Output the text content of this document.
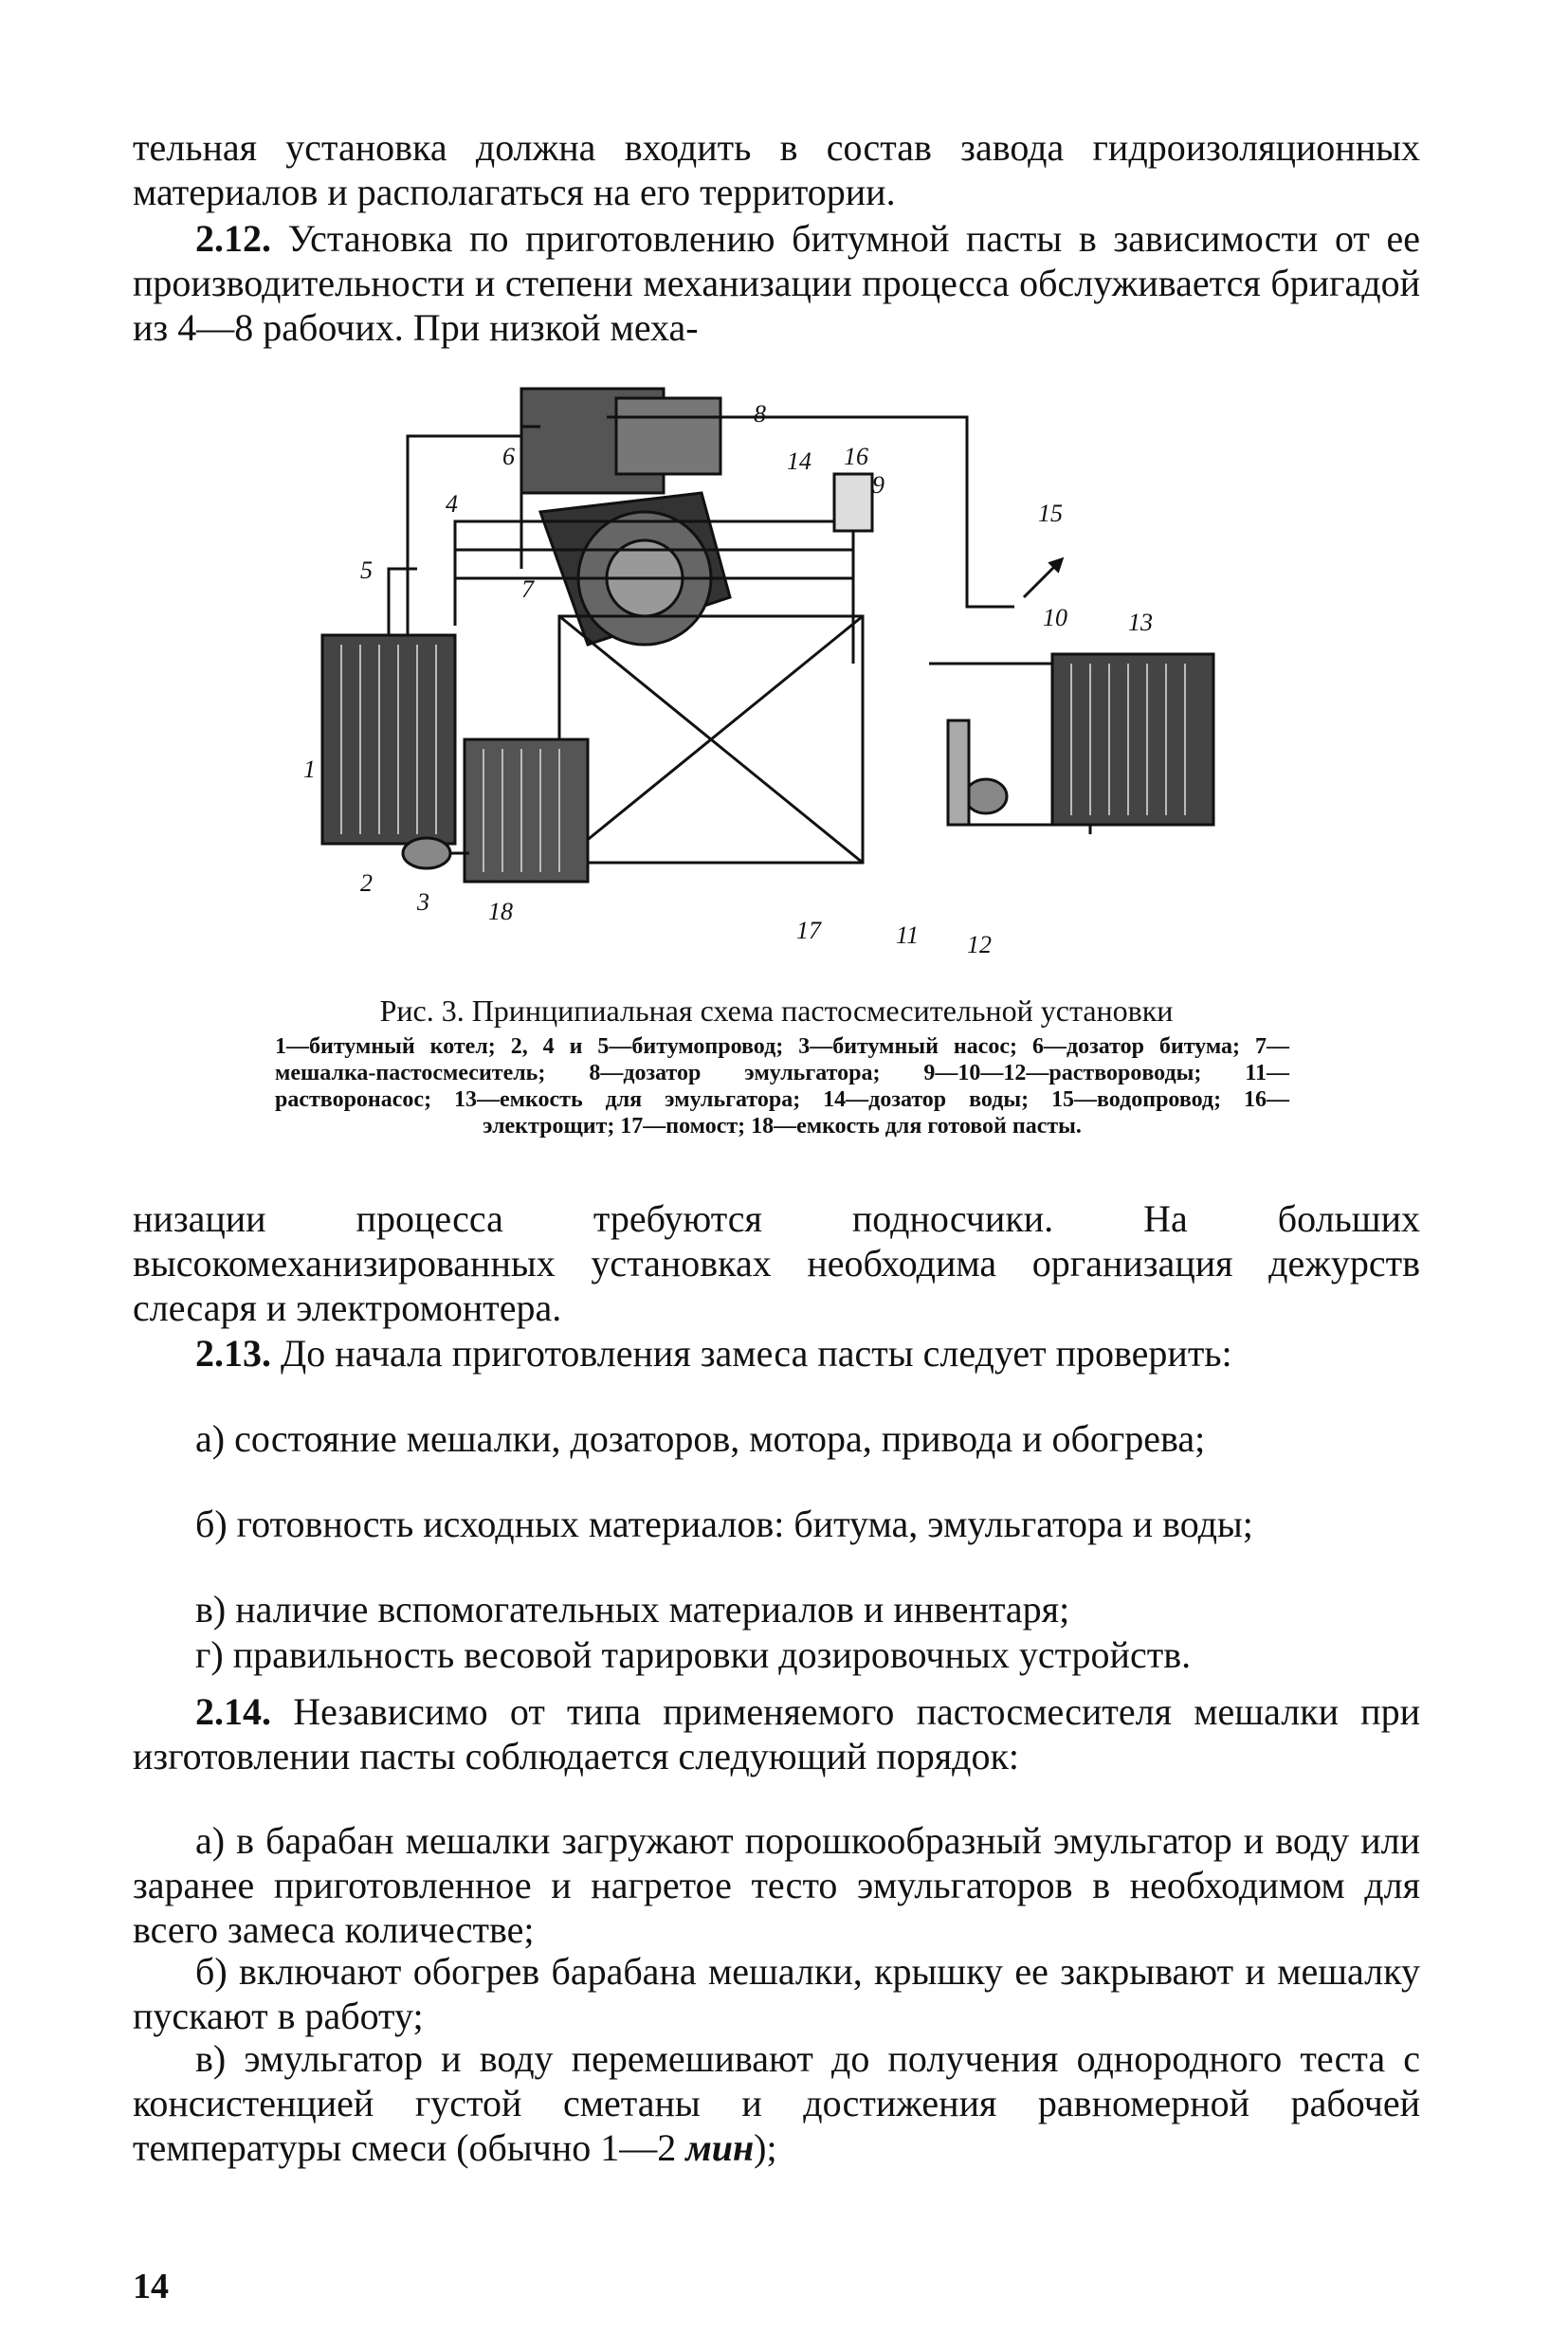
тельная установка должна входить в состав завода гидроизоляционных материалов и располагаться на его территории.

2.12. Установка по приготовлению битумной пасты в зависимости от ее производительности и степени механизации процесса обслуживается бригадой из 4—8 рабочих. При низкой меха-

1
2
3
4
5
6
7
8
9
10
11 12
13
14
15
16
17
18

Рис. 3. Принципиальная схема пастосмесительной установки

1—битумный котел; 2, 4 и 5—битумопровод; 3—битумный насос; 6—дозатор битума; 7—мешалка-пастосмеситель; 8—дозатор эмульгатора; 9—10—12—растворoводы; 11—растворонасос; 13—емкость для эмульгатора; 14—дозатор воды; 15—водопровод; 16—электрощит; 17—помост; 18—емкость для готовой пасты.

низации процесса требуются подносчики. На больших высокомеханизированных установках необходима организация дежурств слесаря и электромонтера.

2.13. До начала приготовления замеса пасты следует проверить:

а) состояние мешалки, дозаторов, мотора, привода и обогрева;

б) готовность исходных материалов: битума, эмульгатора и воды;

в) наличие вспомогательных материалов и инвентаря;

г) правильность весовой тарировки дозировочных устройств.

2.14. Независимо от типа применяемого пастосмесителя мешалки при изготовлении пасты соблюдается следующий порядок:

а) в барабан мешалки загружают порошкообразный эмульгатор и воду или заранее приготовленное и нагретое тесто эмульгаторов в необходимом для всего замеса количестве;

б) включают обогрев барабана мешалки, крышку ее закрывают и мешалку пускают в работу;

в) эмульгатор и воду перемешивают до получения однородного теста с консистенцией густой сметаны и достижения равномерной рабочей температуры смеси (обычно 1—2 мин);

14
